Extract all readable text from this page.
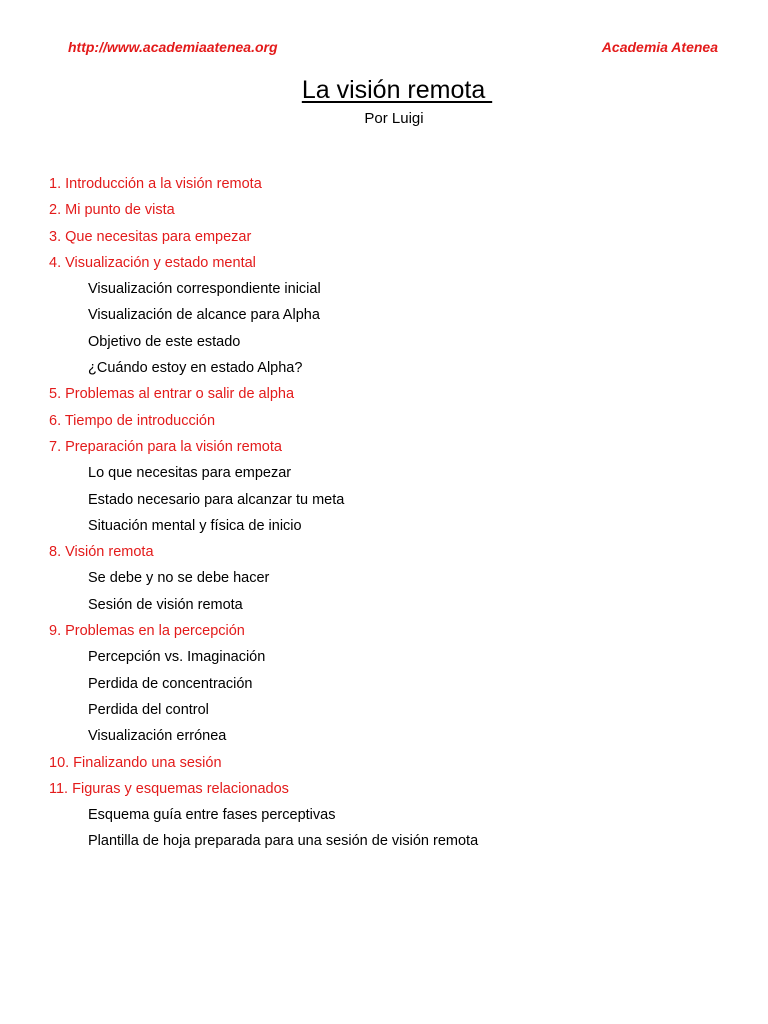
http://www.academiaatenea.org	Academia Atenea
La visión remota
Por Luigi
1. Introducción a la visión remota
2. Mi punto de vista
3. Que necesitas para empezar
4. Visualización y estado mental
Visualización correspondiente inicial
Visualización de alcance para Alpha
Objetivo de este estado
¿Cuándo estoy en estado Alpha?
5. Problemas al entrar o salir de alpha
6. Tiempo de introducción
7. Preparación para la visión remota
Lo que necesitas para empezar
Estado necesario para alcanzar tu meta
Situación mental y física de inicio
8. Visión remota
Se debe y no se debe hacer
Sesión de visión remota
9. Problemas en la percepción
Percepción vs. Imaginación
Perdida de concentración
Perdida del control
Visualización errónea
10. Finalizando una sesión
11. Figuras y esquemas relacionados
Esquema guía entre fases perceptivas
Plantilla de hoja preparada para una sesión de visión remota
